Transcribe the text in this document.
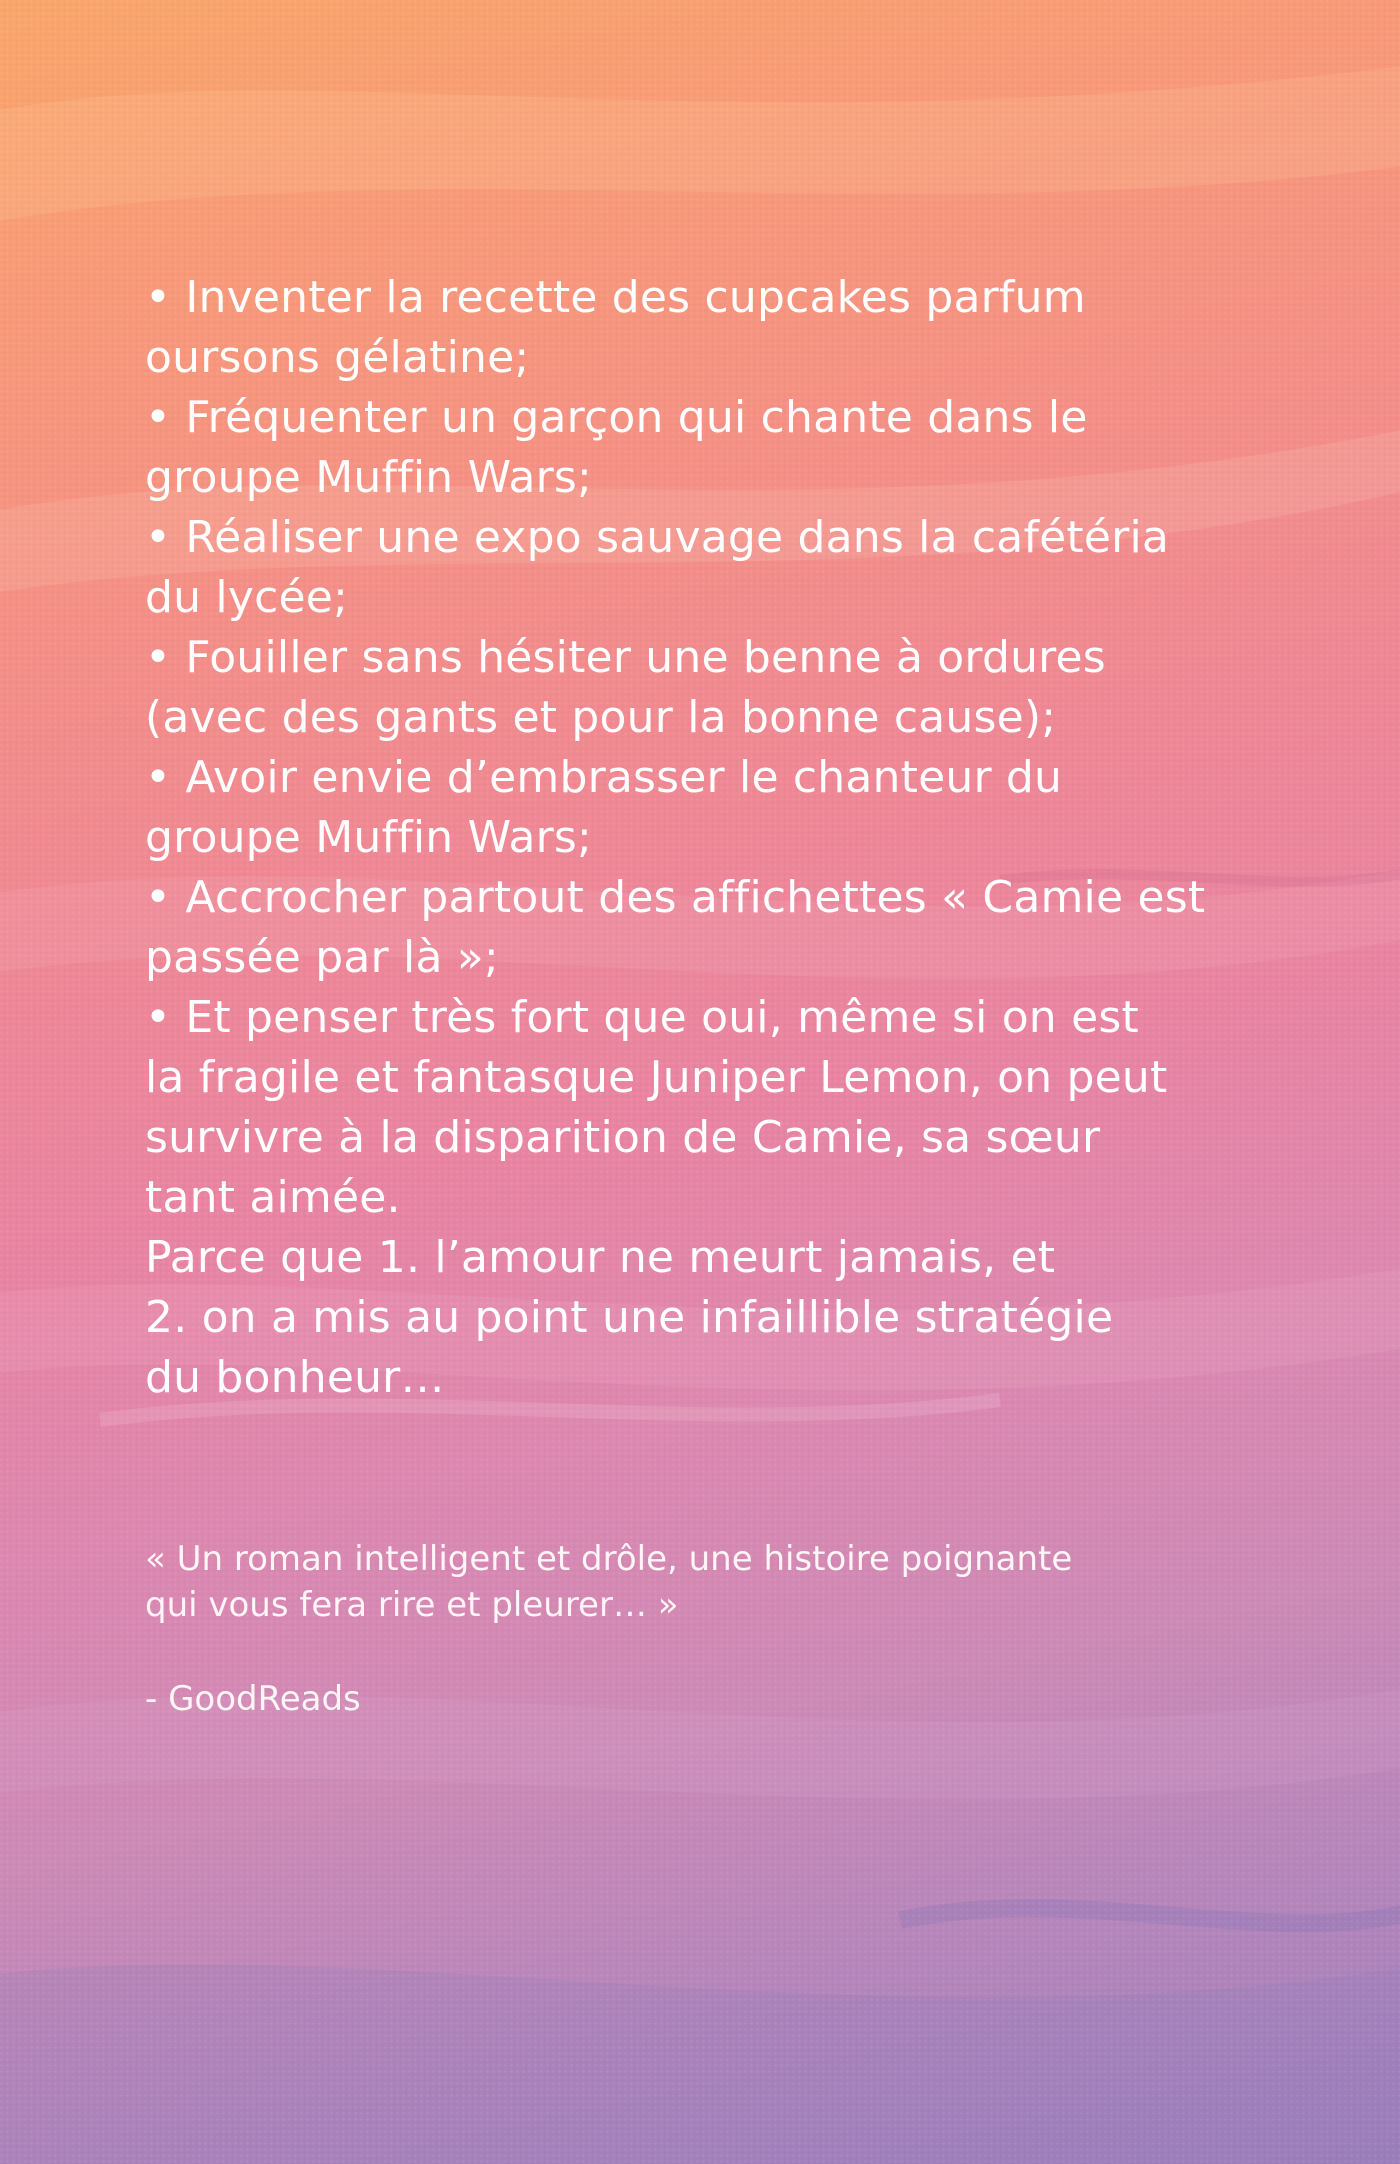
• Inventer la recette des cupcakes parfum

oursons gélatine;

• Fréquenter un garçon qui chante dans le

groupe Muffin Wars;

• Réaliser une expo sauvage dans la cafétéria

du lycée;

• Fouiller sans hésiter une benne à ordures

(avec des gants et pour la bonne cause);

• Avoir envie d’embrasser le chanteur du

groupe Muffin Wars;

• Accrocher partout des affichettes « Camie est

passée par là »;

• Et penser très fort que oui, même si on est

la fragile et fantasque Juniper Lemon, on peut

survivre à la disparition de Camie, sa sœur

tant aimée.

Parce que 1. l’amour ne meurt jamais, et

2. on a mis au point une infaillible stratégie

du bonheur…

« Un roman intelligent et drôle, une histoire poignante

qui vous fera rire et pleurer… »

- GoodReads
